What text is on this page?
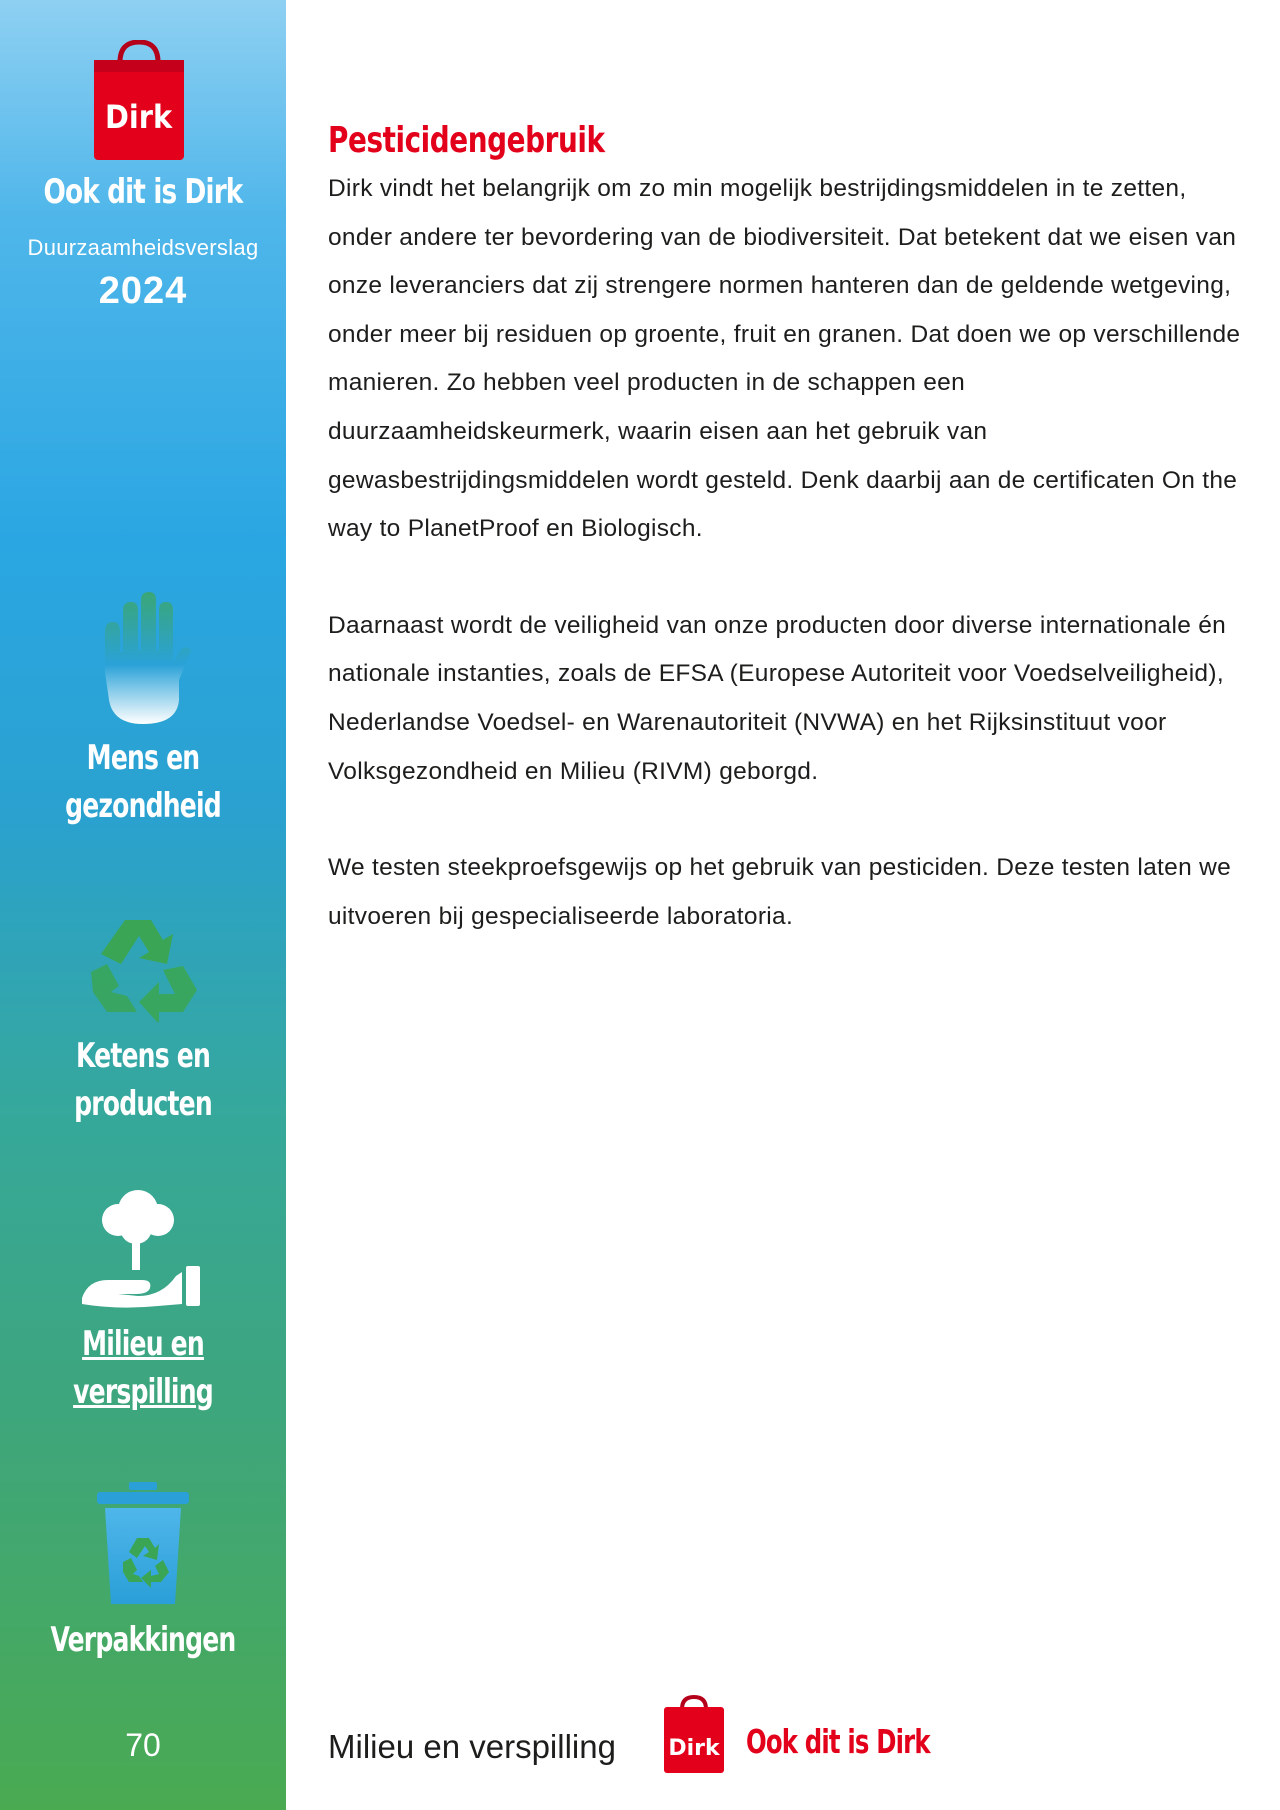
Dirk
Ook dit is Dirk
Duurzaamheidsverslag
2024
Mens en
gezondheid
Ketens en
producten
Milieu en
verspilling
Verpakkingen
70
Pesticidengebruik

Dirk vindt het belangrijk om zo min mogelijk bestrijdingsmiddelen in te zetten, onder andere ter bevordering van de biodiversiteit. Dat betekent dat we eisen van onze leveranciers dat zij strengere normen hanteren dan de geldende wetgeving, onder meer bij residuen op groente, fruit en granen. Dat doen we op verschillende manieren. Zo hebben veel producten in de schappen een duurzaamheidskeurmerk, waarin eisen aan het gebruik van gewasbestrijdingsmiddelen wordt gesteld. Denk daarbij aan de certificaten On the way to PlanetProof en Biologisch.

Daarnaast wordt de veiligheid van onze producten door diverse internationale én nationale instanties, zoals de EFSA (Europese Autoriteit voor Voedselveiligheid), Nederlandse Voedsel- en Warenautoriteit (NVWA) en het Rijksinstituut voor Volksgezondheid en Milieu (RIVM) geborgd.

We testen steekproefsgewijs op het gebruik van pesticiden. Deze testen laten we uitvoeren bij gespecialiseerde laboratoria.

Milieu en verspilling Dirk Ook dit is Dirk
